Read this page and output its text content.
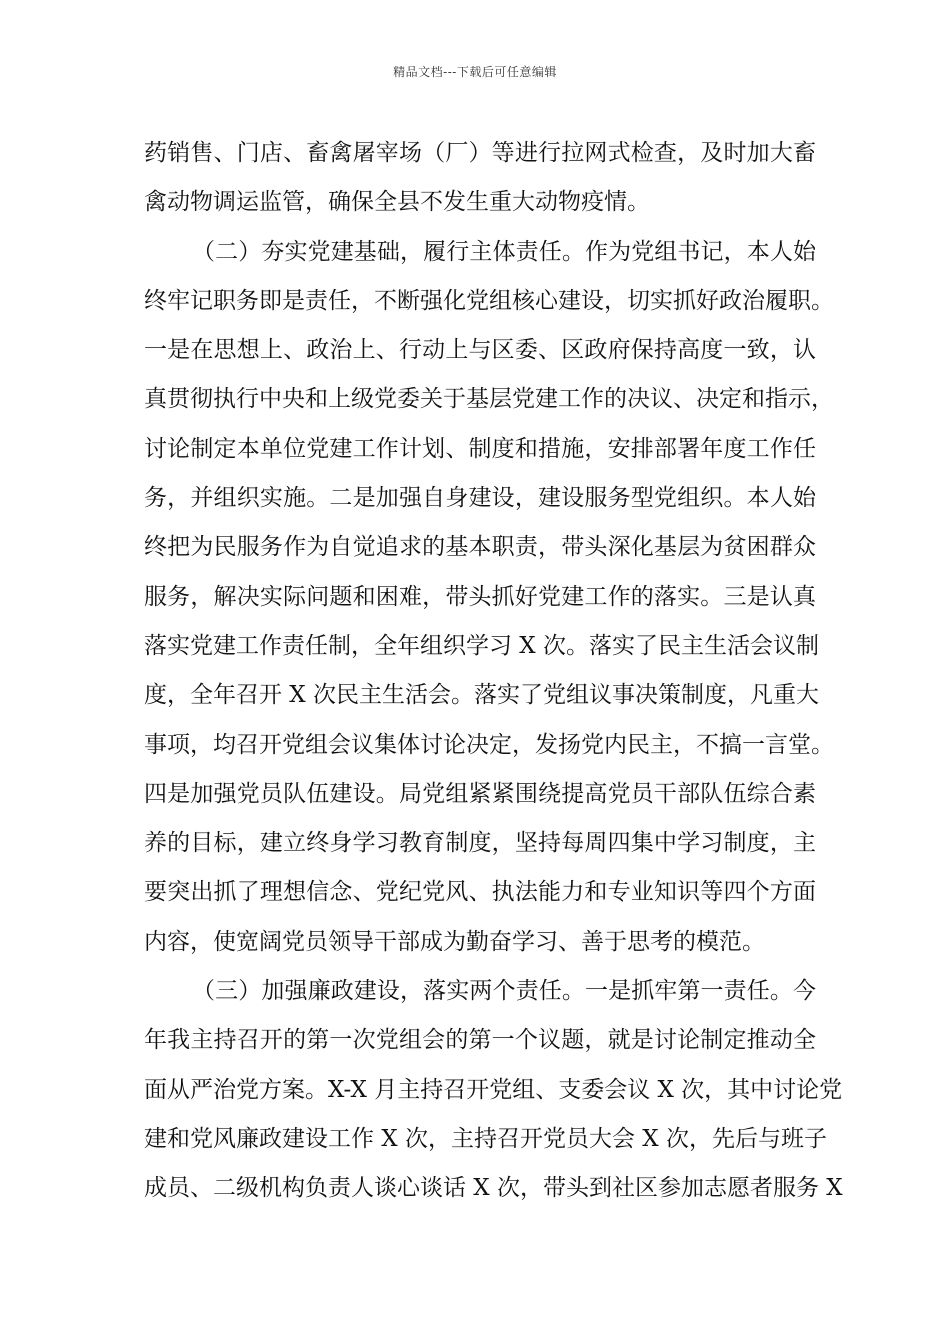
精品文档---下载后可任意编辑
药销售、门店、畜禽屠宰场（厂）等进行拉网式检查，及时加大畜
禽动物调运监管，确保全县不发生重大动物疫情。
（二）夯实党建基础，履行主体责任。作为党组书记，本人始
终牢记职务即是责任，不断强化党组核心建设，切实抓好政治履职。
一是在思想上、政治上、行动上与区委、区政府保持高度一致，认
真贯彻执行中央和上级党委关于基层党建工作的决议、决定和指示，
讨论制定本单位党建工作计划、制度和措施，安排部署年度工作任
务，并组织实施。二是加强自身建设，建设服务型党组织。本人始
终把为民服务作为自觉追求的基本职责，带头深化基层为贫困群众
服务，解决实际问题和困难，带头抓好党建工作的落实。三是认真
落实党建工作责任制，全年组织学习 X 次。落实了民主生活会议制
度，全年召开 X 次民主生活会。落实了党组议事决策制度，凡重大
事项，均召开党组会议集体讨论决定，发扬党内民主，不搞一言堂。
四是加强党员队伍建设。局党组紧紧围绕提高党员干部队伍综合素
养的目标，建立终身学习教育制度，坚持每周四集中学习制度，主
要突出抓了理想信念、党纪党风、执法能力和专业知识等四个方面
内容，使宽阔党员领导干部成为勤奋学习、善于思考的模范。
（三）加强廉政建设，落实两个责任。一是抓牢第一责任。今
年我主持召开的第一次党组会的第一个议题，就是讨论制定推动全
面从严治党方案。X-X 月主持召开党组、支委会议 X 次，其中讨论党
建和党风廉政建设工作 X 次，主持召开党员大会 X 次，先后与班子
成员、二级机构负责人谈心谈话 X 次，带头到社区参加志愿者服务 X
